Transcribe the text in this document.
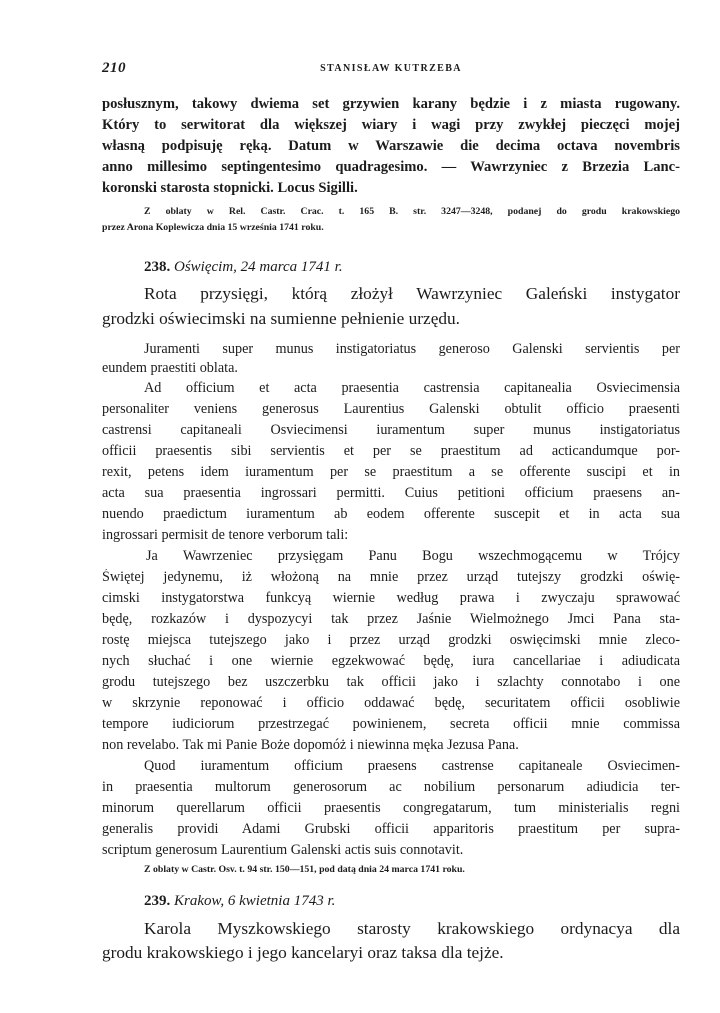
210	STANISŁAW KUTRZEBA
posłusznym, takowy dwiema set grzywien karany będzie i z miasta rugowany.
Który to serwitorat dla większej wiary i wagi przy zwykłej pieczęci mojej
własną podpisuję ręką. Datum w Warszawie die decima octava novembris
anno millesimo septingentesimo quadragesimo. — Wawrzyniec z Brzezia Lanc-
koronski starosta stopnicki. Locus Sigilli.
Z oblaty w Rel. Castr. Crac. t. 165 B. str. 3247—3248, podanej do grodu krakowskiego
przez Arona Koplewicza dnia 15 września 1741 roku.
238. Oświęcim, 24 marca 1741 r.
Rota przysięgi, którą złożył Wawrzyniec Galeński instygator
grodzki oświecimski na sumienne pełnienie urzędu.
Juramenti super munus instigatoriatus generoso Galenski servientis per
eundem praestiti oblata.
Ad officium et acta praesentia castrensia capitanealia Osviecimensia
personaliter veniens generosus Laurentius Galenski obtulit officio praesenti
castrensi capitaneali Osviecimensi iuramentum super munus instigatoriatus
officii praesentis sibi servientis et per se praestitum ad acticandumque por-
rexit, petens idem iuramentum per se praestitum a se offerente suscipi et in
acta sua praesentia ingrossari permitti. Cuius petitioni officium praesens an-
nuendo praedictum iuramentum ab eodem offerente suscepit et in acta sua
ingrossari permisit de tenore verborum tali:
Ja Wawrzeniec przysięgam Panu Bogu wszechmogącemu w Trójcy
Świętej jedynemu, iż włożoną na mnie przez urząd tutejszy grodzki oświę-
cimski instygatorstwa funkcyą wiernie według prawa i zwyczaju sprawować
będę, rozkazów i dyspozycyi tak przez Jaśnie Wielmożnego Jmci Pana sta-
rostę miejsca tutejszego jako i przez urząd grodzki oswięcimski mnie zleco-
nych słuchać i one wiernie egzekwować będę, iura cancellariae i adiudicata
grodu tutejszego bez uszczerbku tak officii jako i szlachty connotabo i one
w skrzynie reponować i officio oddawać będę, securitatem officii osobliwie
tempore iudiciorum przestrzegać powinienem, secreta officii mnie commissa
non revelabo. Tak mi Panie Boże dopomóż i niewinna męka Jezusa Pana.
Quod iuramentum officium praesens castrense capitaneale Osviecimen-
in praesentia multorum generosorum ac nobilium personarum adiudicia ter-
minorum querellarum officii praesentis congregatarum, tum ministerialis regni
generalis providi Adami Grubski officii apparitoris praestitum per supra-
scriptum generosum Laurentium Galenski actis suis connotavit.
Z oblaty w Castr. Osv. t. 94 str. 150—151, pod datą dnia 24 marca 1741 roku.
239. Krakow, 6 kwietnia 1743 r.
Karola Myszkowskiego starosty krakowskiego ordynacya dla
grodu krakowskiego i jego kancelaryi oraz taksa dla tejże.
